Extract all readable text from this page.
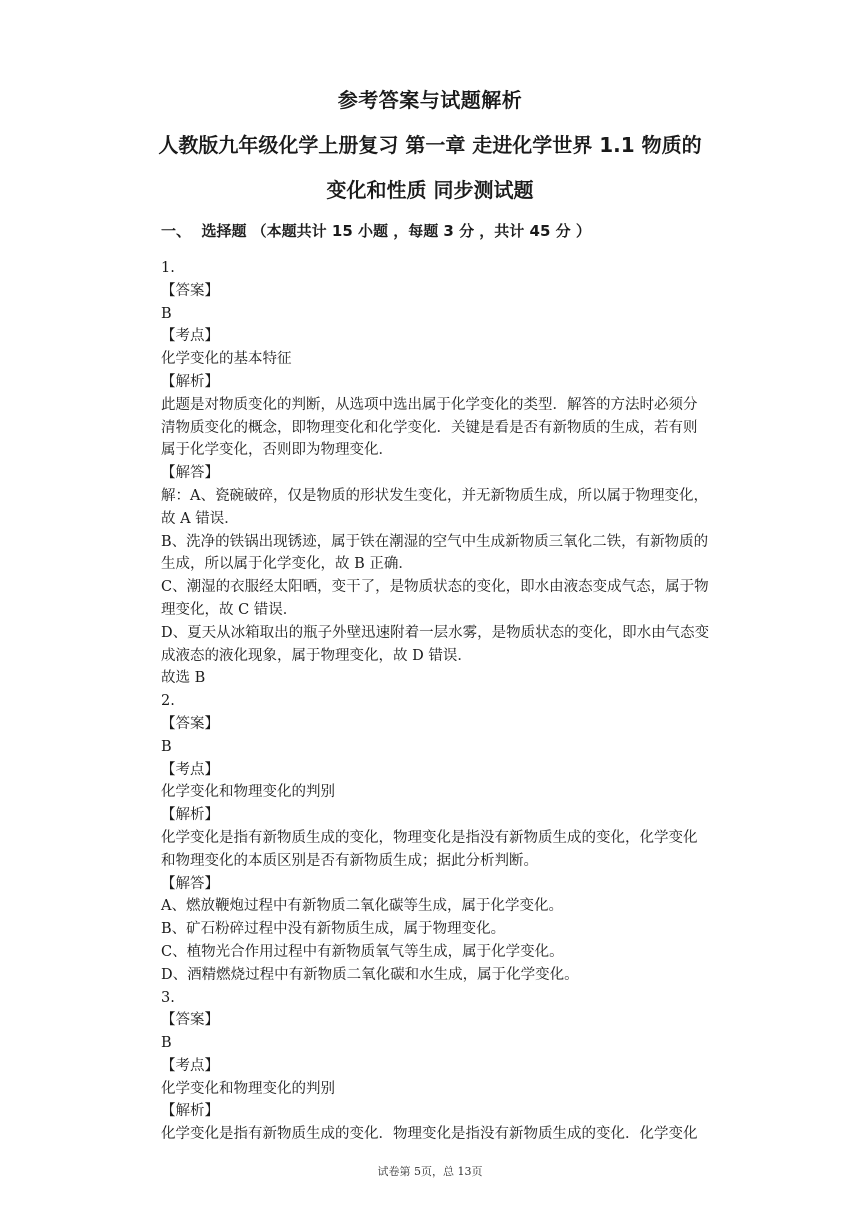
参考答案与试题解析
人教版九年级化学上册复习 第一章 走进化学世界 1.1 物质的
变化和性质 同步测试题
一、  选择题 （本题共计 15 小题 ，每题 3 分 ，共计 45 分 ）
1.
【答案】
B
【考点】
化学变化的基本特征
【解析】
此题是对物质变化的判断，从选项中选出属于化学变化的类型．解答的方法时必须分
清物质变化的概念，即物理变化和化学变化．关键是看是否有新物质的生成，若有则
属于化学变化，否则即为物理变化．
【解答】
解：A、瓷碗破碎，仅是物质的形状发生变化，并无新物质生成，所以属于物理变化，
故 A 错误．
B、洗净的铁锅出现锈迹，属于铁在潮湿的空气中生成新物质三氧化二铁，有新物质的
生成，所以属于化学变化，故 B 正确．
C、潮湿的衣服经太阳晒，变干了，是物质状态的变化，即水由液态变成气态，属于物
理变化，故 C 错误．
D、夏天从冰箱取出的瓶子外壁迅速附着一层水雾，是物质状态的变化，即水由气态变
成液态的液化现象，属于物理变化，故 D 错误．
故选 B
2.
【答案】
B
【考点】
化学变化和物理变化的判别
【解析】
化学变化是指有新物质生成的变化，物理变化是指没有新物质生成的变化，化学变化
和物理变化的本质区别是否有新物质生成；据此分析判断。
【解答】
A、燃放鞭炮过程中有新物质二氧化碳等生成，属于化学变化。
B、矿石粉碎过程中没有新物质生成，属于物理变化。
C、植物光合作用过程中有新物质氧气等生成，属于化学变化。
D、酒精燃烧过程中有新物质二氧化碳和水生成，属于化学变化。
3.
【答案】
B
【考点】
化学变化和物理变化的判别
【解析】
化学变化是指有新物质生成的变化．物理变化是指没有新物质生成的变化．化学变化
试卷第 5页，总 13页
